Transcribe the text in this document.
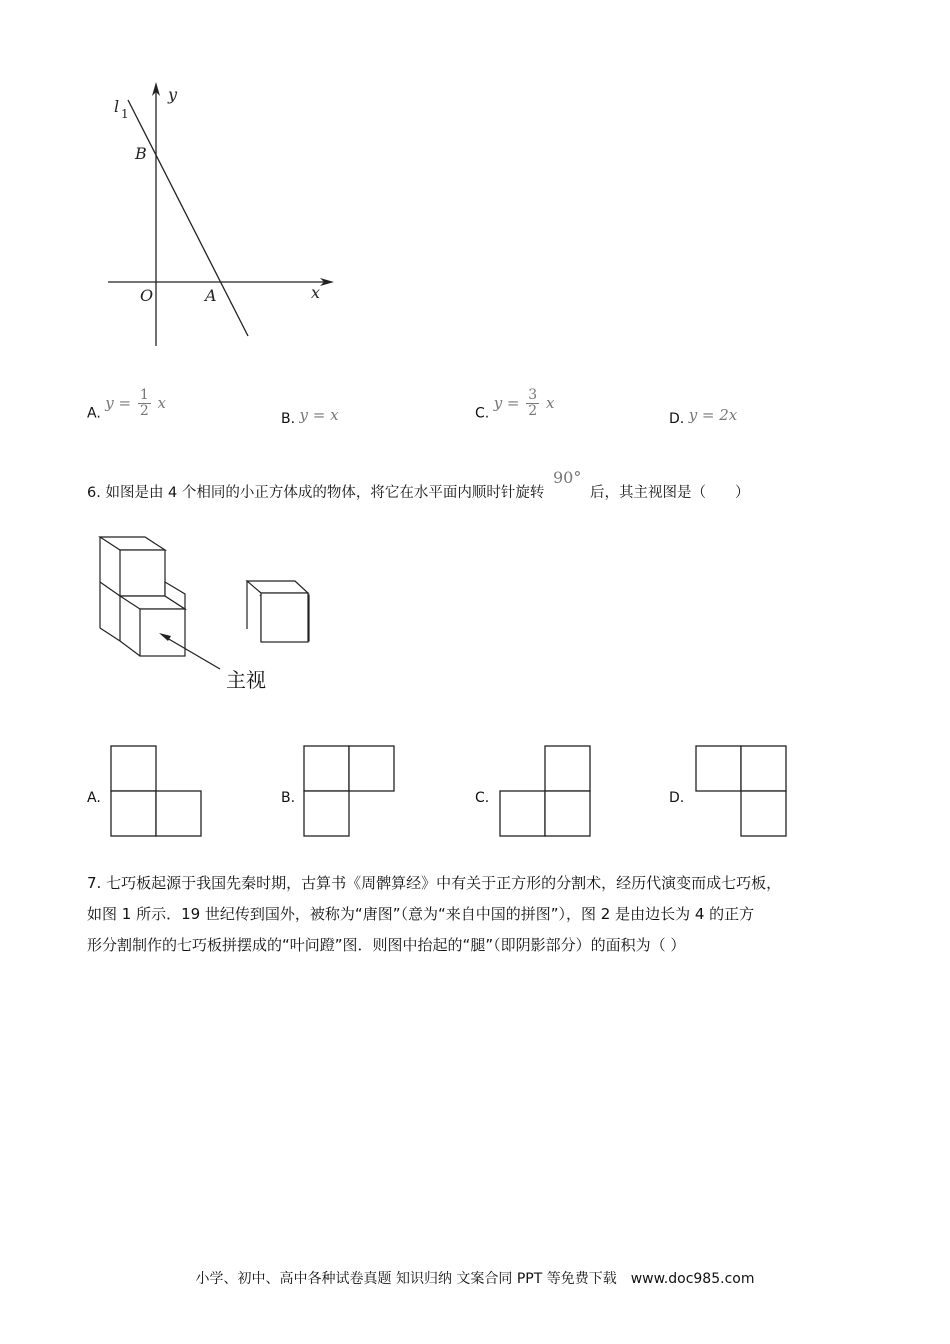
y
x
l 1
B
O	A
A. $y = \frac{1}{2}$ x
B. y = x	C. $y = \frac{3}{2}$ x
D. y = 2x
6. 如图是由 4 个相同的小正方体成的物体，将它在水平面内顺时针旋转 90° 后，其主视图是（　　）
主视
A.	B.	C.	D.
7. 七巧板起源于我国先秦时期，古算书《周髀算经》中有关于正方形的分割术，经历代演变而成七巧板，
如图 1 所示．19 世纪传到国外，被称为“唐图”（意为“来自中国的拼图”），图 2 是由边长为 4 的正方
形分割制作的七巧板拼摆成的“叶问蹬”图．则图中抬起的“腿”（即阴影部分）的面积为（ ）
小学、初中、高中各种试卷真题 知识归纳 文案合同 PPT 等免费下载　www.doc985.com
